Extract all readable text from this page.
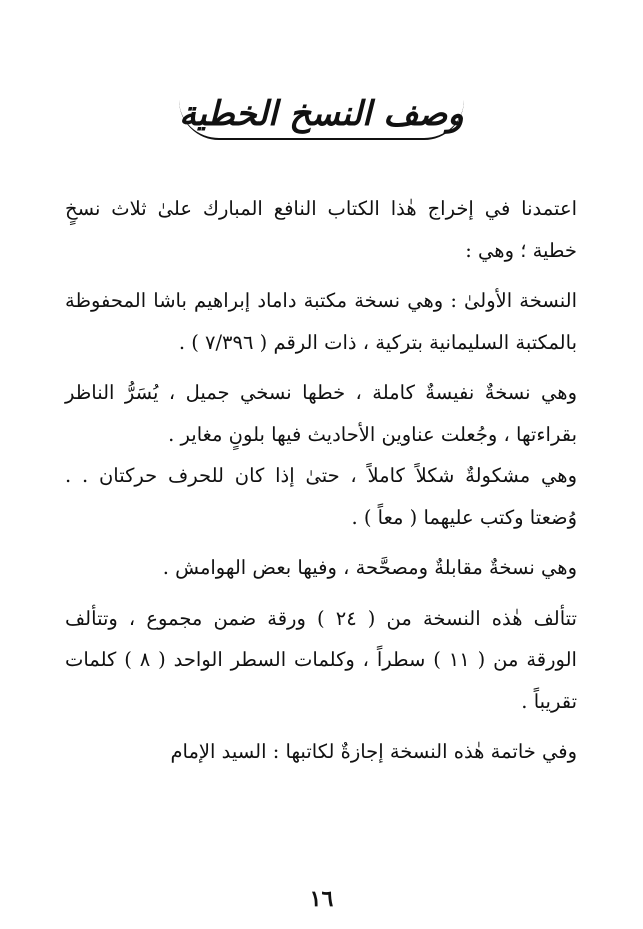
وصف النسخ الخطية

اعتمدنا في إخراج هٰذا الكتاب النافع المبارك علىٰ ثلاث نسخٍ خطية ؛ وهي :

النسخة الأولىٰ : وهي نسخة مكتبة داماد إبراهيم باشا المحفوظة بالمكتبة السليمانية بتركية ، ذات الرقم ( ٧/٣٩٦ ) .

وهي نسخةٌ نفيسةٌ كاملة ، خطها نسخي جميل ، يُسَرُّ الناظر بقراءتها ، وجُعلت عناوين الأحاديث فيها بلونٍ مغاير .

وهي مشكولةٌ شكلاً كاملاً ، حتىٰ إذا كان للحرف حركتان . . وُضعتا وكتب عليهما ( معاً ) .

وهي نسخةٌ مقابلةٌ ومصحَّحة ، وفيها بعض الهوامش .

تتألف هٰذه النسخة من ( ٢٤ ) ورقة ضمن مجموع ، وتتألف الورقة من ( ١١ ) سطراً ، وكلمات السطر الواحد ( ٨ ) كلمات تقريباً .

وفي خاتمة هٰذه النسخة إجازةٌ لكاتبها : السيد الإمام

١٦
